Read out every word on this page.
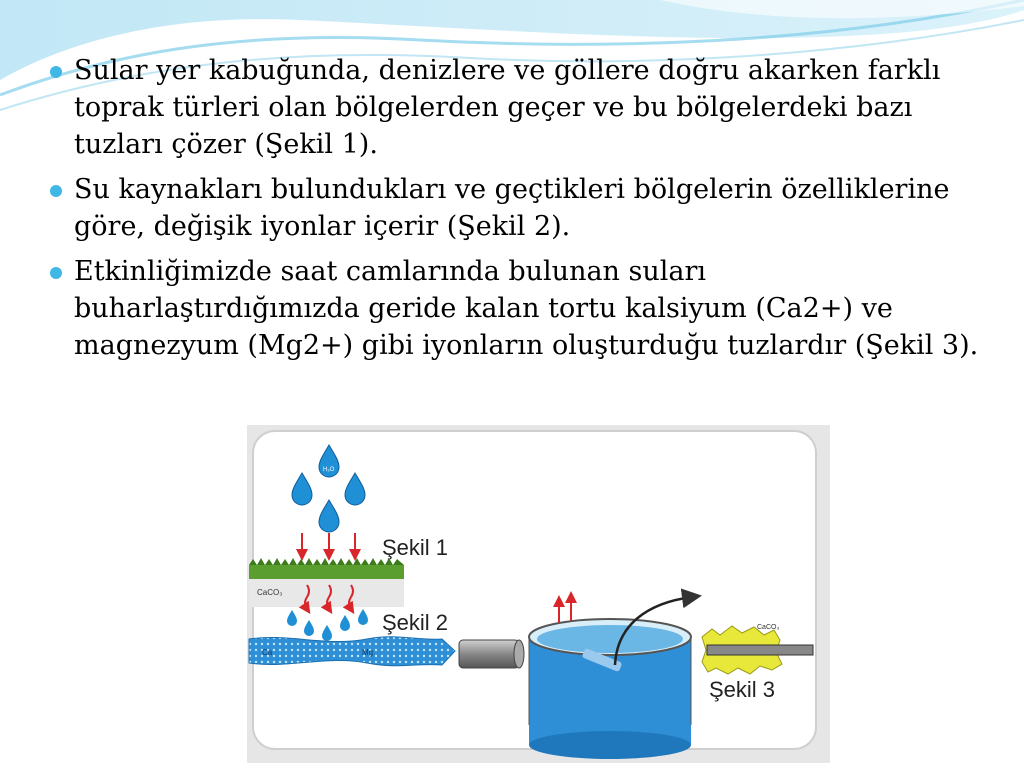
Sular yer kabuğunda, denizlere ve göllere doğru akarken farklı toprak türleri olan bölgelerden geçer ve bu bölgelerdeki bazı tuzları çözer (Şekil 1).
Su kaynakları bulundukları ve geçtikleri bölgelerin özelliklerine göre, değişik iyonlar içerir (Şekil 2).
Etkinliğimizde saat camlarında bulunan suları buharlaştırdığımızda geride kalan tortu kalsiyum (Ca2+) ve magnezyum (Mg2+) gibi iyonların oluşturduğu tuzlardır (Şekil 3).
H₂O
Şekil 1
CaCO₃
Şekil 2
Ca	Mg
CaCO₃
Şekil 3
